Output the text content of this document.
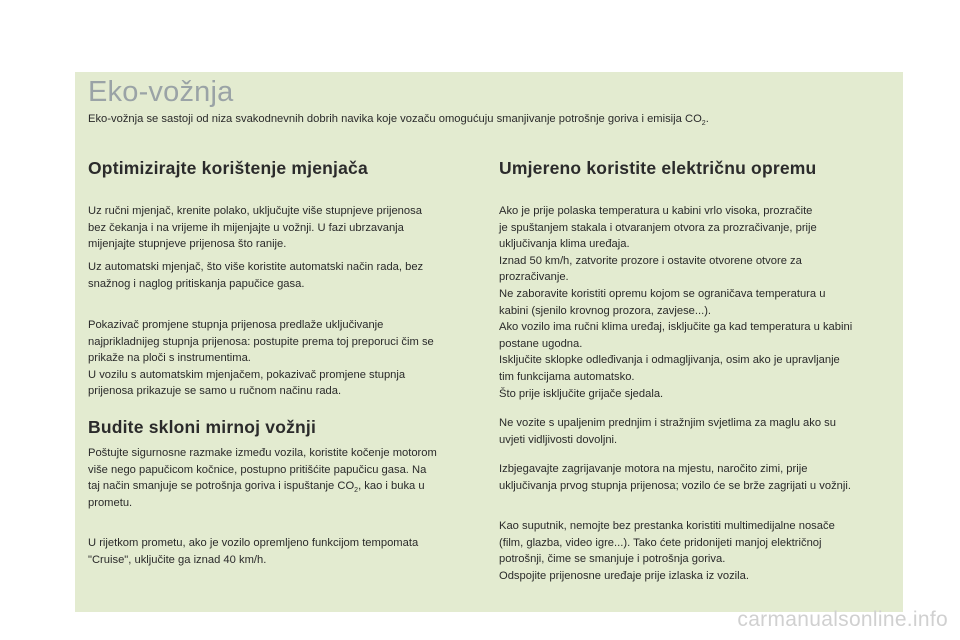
Eko-vožnja
Eko-vožnja se sastoji od niza svakodnevnih dobrih navika koje vozaču omogućuju smanjivanje potrošnje goriva i emisija $CO_2$.
Optimizirajte korištenje mjenjača

Uz ručni mjenjač, krenite polako, uključujte više stupnjeve prijenosa

bez čekanja i na vrijeme ih mijenjajte u vožnji. U fazi ubrzavanja

mijenjajte stupnjeve prijenosa što ranije.

Uz automatski mjenjač, što više koristite automatski način rada, bez

snažnog i naglog pritiskanja papučice gasa.

Pokazivač promjene stupnja prijenosa predlaže uključivanje

najprikladnijeg stupnja prijenosa: postupite prema toj preporuci čim se

prikaže na ploči s instrumentima.

U vozilu s automatskim mjenjačem, pokazivač promjene stupnja

prijenosa prikazuje se samo u ručnom načinu rada.

Budite skloni mirnoj vožnji

Poštujte sigurnosne razmake između vozila, koristite kočenje motorom

više nego papučicom kočnice, postupno pritišćite papučicu gasa. Na

taj način smanjuje se potrošnja goriva i ispuštanje $CO_2$, kao i buka u

prometu.

U rijetkom prometu, ako je vozilo opremljeno funkcijom tempomata

"Cruise", uključite ga iznad 40 km/h.

Umjereno koristite električnu opremu

Ako je prije polaska temperatura u kabini vrlo visoka, prozračite

je spuštanjem stakala i otvaranjem otvora za prozračivanje, prije

uključivanja klima uređaja.

Iznad 50 km/h, zatvorite prozore i ostavite otvorene otvore za

prozračivanje.

Ne zaboravite koristiti opremu kojom se ograničava temperatura u

kabini (sjenilo krovnog prozora, zavjese...).

Ako vozilo ima ručni klima uređaj, isključite ga kad temperatura u kabini

postane ugodna.

Isključite sklopke odleđivanja i odmagljivanja, osim ako je upravljanje

tim funkcijama automatsko.

Što prije isključite grijače sjedala.

Ne vozite s upaljenim prednjim i stražnjim svjetlima za maglu ako su

uvjeti vidljivosti dovoljni.

Izbjegavajte zagrijavanje motora na mjestu, naročito zimi, prije

uključivanja prvog stupnja prijenosa; vozilo će se brže zagrijati u vožnji.

Kao suputnik, nemojte bez prestanka koristiti multimedijalne nosače

(film, glazba, video igre...). Tako ćete pridonijeti manjoj električnoj

potrošnji, čime se smanjuje i potrošnja goriva.

Odspojite prijenosne uređaje prije izlaska iz vozila.

carmanualsonline.info
